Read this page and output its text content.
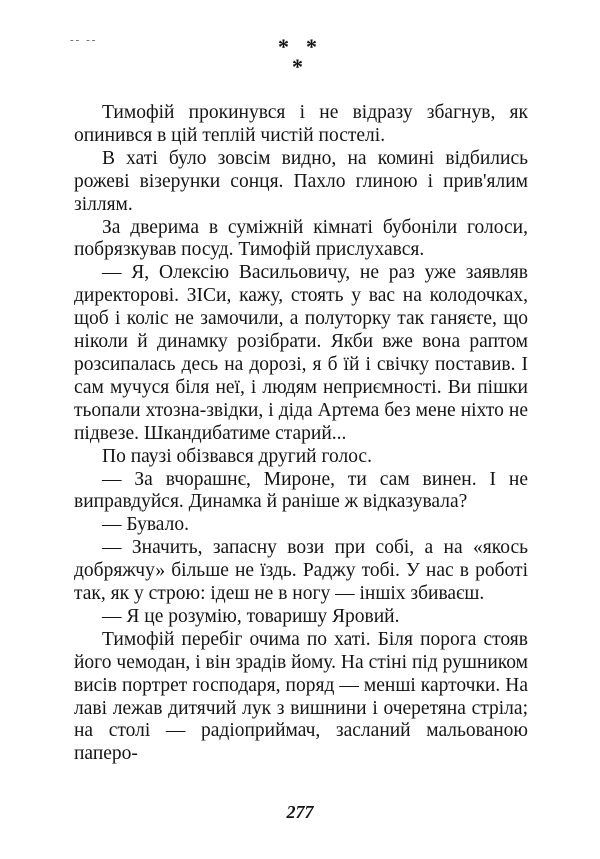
-- --	* *
*

Тимофій прокинувся і не відразу збагнув, як опинився в цій теплій чистій постелі.

В хаті було зовсім видно, на комині відбились рожеві візерунки сонця. Пахло глиною і прив'ялим зіллям.

За дверима в суміжній кімнаті бубоніли голоси, побрязкував посуд. Тимофій прислухався.

— Я, Олексію Васильовичу, не раз уже заявляв директорові. ЗІСи, кажу, стоять у вас на колодочках, щоб і коліс не замочили, а полуторку так ганяєте, що ніколи й динамку розібрати. Якби вже вона раптом розсипалась десь на дорозі, я б їй і свічку поставив. І сам мучуся біля неї, і людям неприємності. Ви пішки тьопали хтозна-звідки, і діда Артема без мене ніхто не підвезе. Шкандибатиме старий...

По паузі обізвався другий голос.

— За вчорашнє, Мироне, ти сам винен. І не виправдуйся. Динамка й раніше ж відказувала?

— Бувало.

— Значить, запасну вози при собі, а на «якось добряжчу» більше не їздь. Раджу тобі. У нас в роботі так, як у строю: ідеш не в ногу — іншіх збиваєш.

— Я це розумію, товаришу Яровий.

Тимофій перебіг очима по хаті. Біля порога стояв його чемодан, і він зрадів йому. На стіні під рушником висів портрет господаря, поряд — менші карточки. На лаві лежав дитячий лук з вишнини і очеретяна стріла; на столі — радіоприймач, засланий мальованою паперо-

277
